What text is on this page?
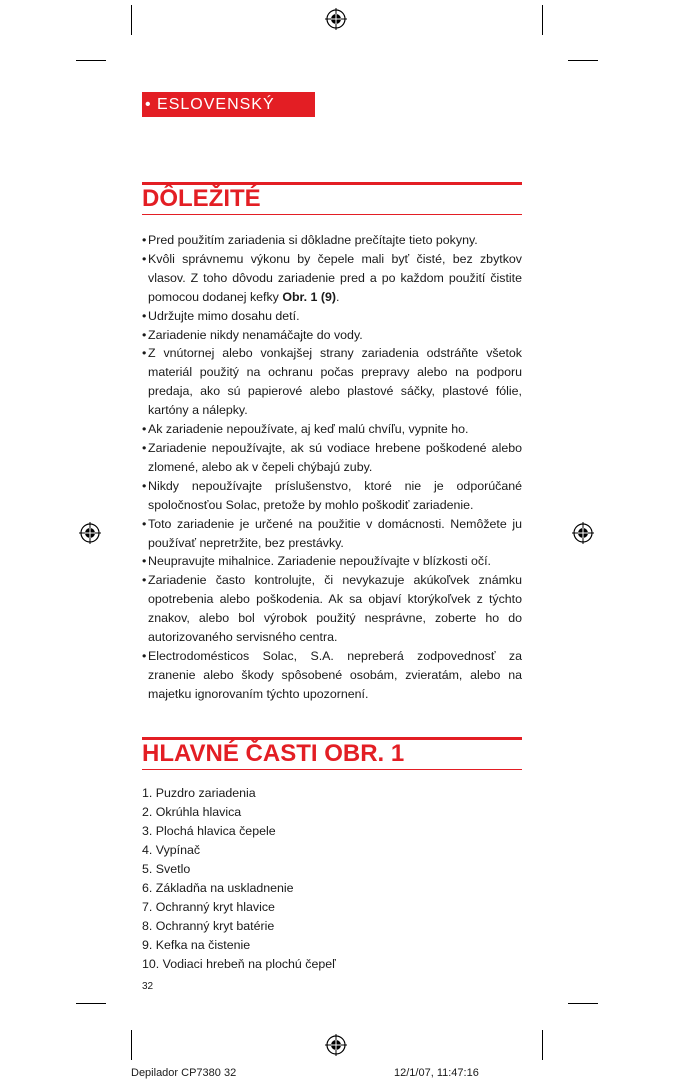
• ESLOVENSKÝ
DÔLEŽITÉ
• Pred použitím zariadenia si dôkladne prečítajte tieto pokyny.
• Kvôli správnemu výkonu by čepele mali byť čisté, bez zbytkov vlasov. Z toho dôvodu zariadenie pred a po každom použití čistite pomocou dodanej kefky Obr. 1 (9).
• Udržujte mimo dosahu detí.
• Zariadenie nikdy nenamáčajte do vody.
• Z vnútornej alebo vonkajšej strany zariadenia odstráňte všetok materiál použitý na ochranu počas prepravy alebo na podporu predaja, ako sú papierové alebo plastové sáčky, plastové fólie, kartóny a nálepky.
• Ak zariadenie nepoužívate, aj keď malú chvíľu, vypnite ho.
• Zariadenie nepoužívajte, ak sú vodiace hrebene poškodené alebo zlomené, alebo ak v čepeli chýbajú zuby.
• Nikdy nepoužívajte príslušenstvo, ktoré nie je odporúčané spoločnosťou Solac, pretože by mohlo poškodiť zariadenie.
• Toto zariadenie je určené na použitie v domácnosti. Nemôžete ju používať nepretržite, bez prestávky.
• Neupravujte mihalnice. Zariadenie nepoužívajte v blízkosti očí.
• Zariadenie často kontrolujte, či nevykazuje akúkoľvek známku opotrebenia alebo poškodenia. Ak sa objaví ktorýkoľvek z týchto znakov, alebo bol výrobok použitý nesprávne, zoberte ho do autorizovaného servisného centra.
• Electrodomésticos Solac, S.A. nepreberá zodpovednosť za zranenie alebo škody spôsobené osobám, zvieratám, alebo na majetku ignorovaním týchto upozornení.
HLAVNÉ ČASTI OBR. 1
1. Puzdro zariadenia
2. Okrúhla hlavica
3. Plochá hlavica čepele
4. Vypínač
5. Svetlo
6. Základňa na uskladnenie
7. Ochranný kryt hlavice
8. Ochranný kryt batérie
9. Kefka na čistenie
10. Vodiaci hrebeň na plochú čepeľ
32
Depilador CP7380 32	12/1/07, 11:47:16
